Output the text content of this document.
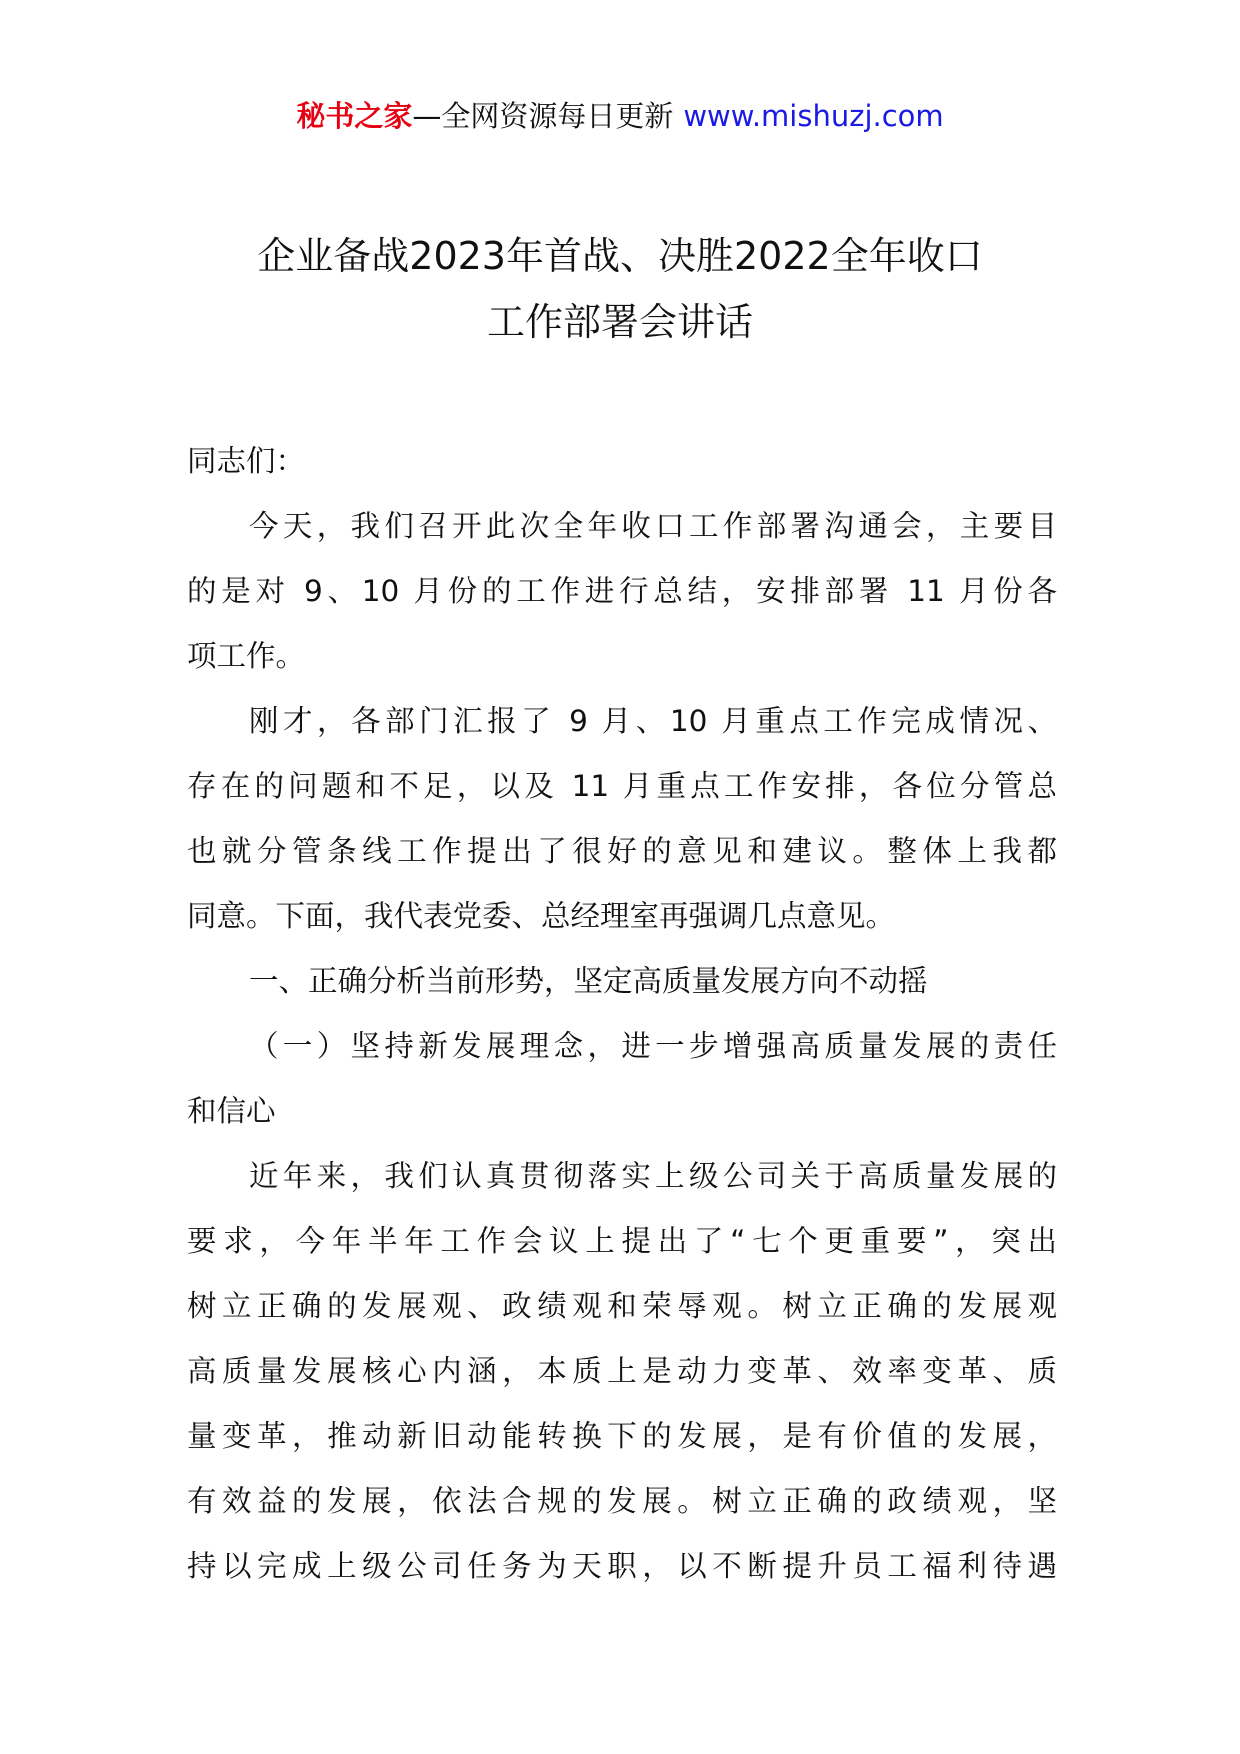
秘书之家—全网资源每日更新 www.mishuzj.com
企业备战2023年首战、决胜2022全年收口
工作部署会讲话
同志们：
今天，我们召开此次全年收口工作部署沟通会，主要目
的是对 9、10 月份的工作进行总结，安排部署 11 月份各
项工作。
刚才，各部门汇报了 9 月、10 月重点工作完成情况、
存在的问题和不足，以及 11 月重点工作安排，各位分管总
也就分管条线工作提出了很好的意见和建议。整体上我都
同意。下面，我代表党委、总经理室再强调几点意见。
一、正确分析当前形势，坚定高质量发展方向不动摇
（一）坚持新发展理念，进一步增强高质量发展的责任
和信心
近年来，我们认真贯彻落实上级公司关于高质量发展的
要求，今年半年工作会议上提出了“七个更重要”，突出
树立正确的发展观、政绩观和荣辱观。树立正确的发展观
高质量发展核心内涵，本质上是动力变革、效率变革、质
量变革，推动新旧动能转换下的发展，是有价值的发展，
有效益的发展，依法合规的发展。树立正确的政绩观，坚
持以完成上级公司任务为天职，以不断提升员工福利待遇
